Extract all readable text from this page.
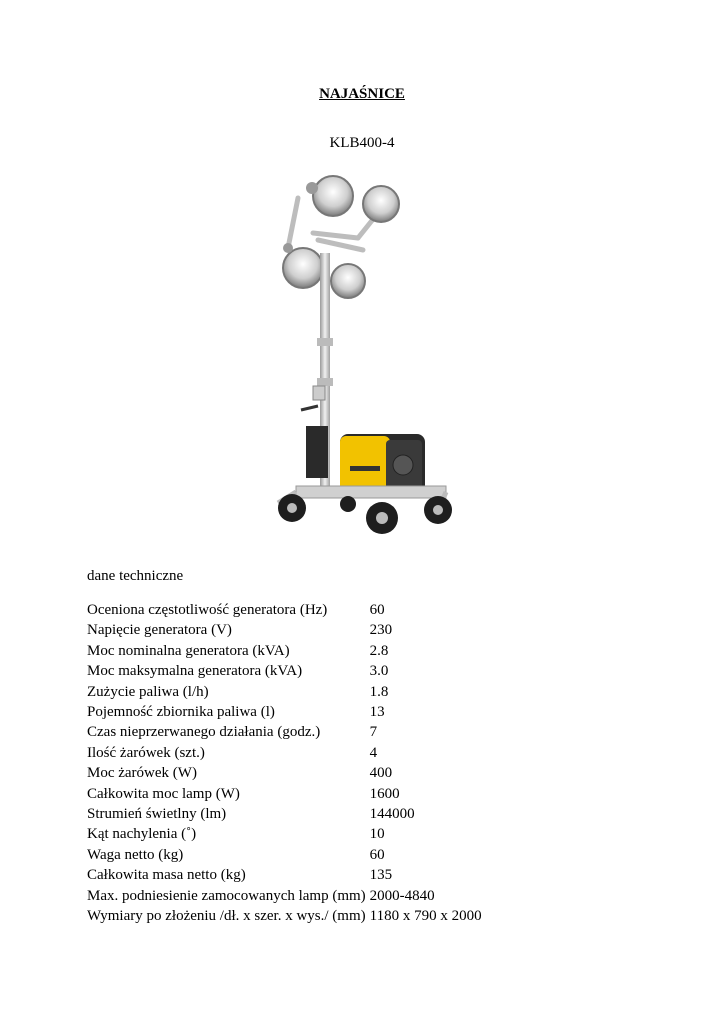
NAJAŚNICE
KLB400-4
dane techniczne
Oceniona częstotliwość generatora (Hz)	60
Napięcie generatora (V)	230
Moc nominalna generatora (kVA)	2.8
Moc maksymalna generatora (kVA)	3.0
Zużycie paliwa (l/h)	1.8
Pojemność zbiornika paliwa (l)	13
Czas nieprzerwanego działania (godz.)	7
Ilość żarówek (szt.)	4
Moc żarówek (W)	400
Całkowita moc lamp (W)	1600
Strumień świetlny (lm)	144000
Kąt nachylenia (˚)	10
Waga netto (kg)	60
Całkowita masa netto (kg)	135
Max. podniesienie zamocowanych lamp (mm)	2000-4840
Wymiary po złożeniu /dł. x szer. x wys./ (mm)	1180 x 790 x 2000
